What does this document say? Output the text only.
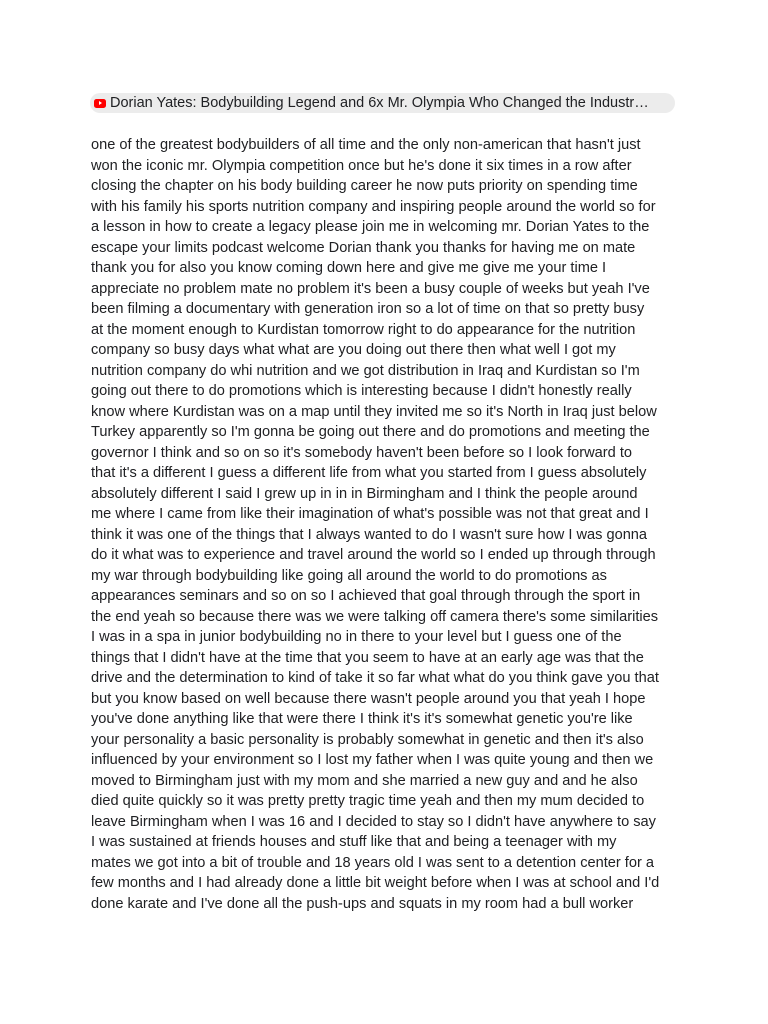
Dorian Yates: Bodybuilding Legend and 6x Mr. Olympia Who Changed the Industr…
one of the greatest bodybuilders of all time and the only non-american that hasn't just
won the iconic mr. Olympia competition once but he's done it six times in a row after
closing the chapter on his body building career he now puts priority on spending time
with his family his sports nutrition company and inspiring people around the world so for
a lesson in how to create a legacy please join me in welcoming mr. Dorian Yates to the
escape your limits podcast welcome Dorian thank you thanks for having me on mate
thank you for also you know coming down here and give me give me your time I
appreciate no problem mate no problem it's been a busy couple of weeks but yeah I've
been filming a documentary with generation iron so a lot of time on that so pretty busy
at the moment enough to Kurdistan tomorrow right to do appearance for the nutrition
company so busy days what what are you doing out there then what well I got my
nutrition company do whi nutrition and we got distribution in Iraq and Kurdistan so I'm
going out there to do promotions which is interesting because I didn't honestly really
know where Kurdistan was on a map until they invited me so it's North in Iraq just below
Turkey apparently so I'm gonna be going out there and do promotions and meeting the
governor I think and so on so it's somebody haven't been before so I look forward to
that it's a different I guess a different life from what you started from I guess absolutely
absolutely different I said I grew up in in in Birmingham and I think the people around
me where I came from like their imagination of what's possible was not that great and I
think it was one of the things that I always wanted to do I wasn't sure how I was gonna
do it what was to experience and travel around the world so I ended up through through
my war through bodybuilding like going all around the world to do promotions as
appearances seminars and so on so I achieved that goal through through the sport in
the end yeah so because there was we were talking off camera there's some similarities
I was in a spa in junior bodybuilding no in there to your level but I guess one of the
things that I didn't have at the time that you seem to have at an early age was that the
drive and the determination to kind of take it so far what what do you think gave you that
but you know based on well because there wasn't people around you that yeah I hope
you've done anything like that were there I think it's it's somewhat genetic you're like
your personality a basic personality is probably somewhat in genetic and then it's also
influenced by your environment so I lost my father when I was quite young and then we
moved to Birmingham just with my mom and she married a new guy and and he also
died quite quickly so it was pretty pretty tragic time yeah and then my mum decided to
leave Birmingham when I was 16 and I decided to stay so I didn't have anywhere to say
I was sustained at friends houses and stuff like that and being a teenager with my
mates we got into a bit of trouble and 18 years old I was sent to a detention center for a
few months and I had already done a little bit weight before when I was at school and I'd
done karate and I've done all the push-ups and squats in my room had a bull worker
